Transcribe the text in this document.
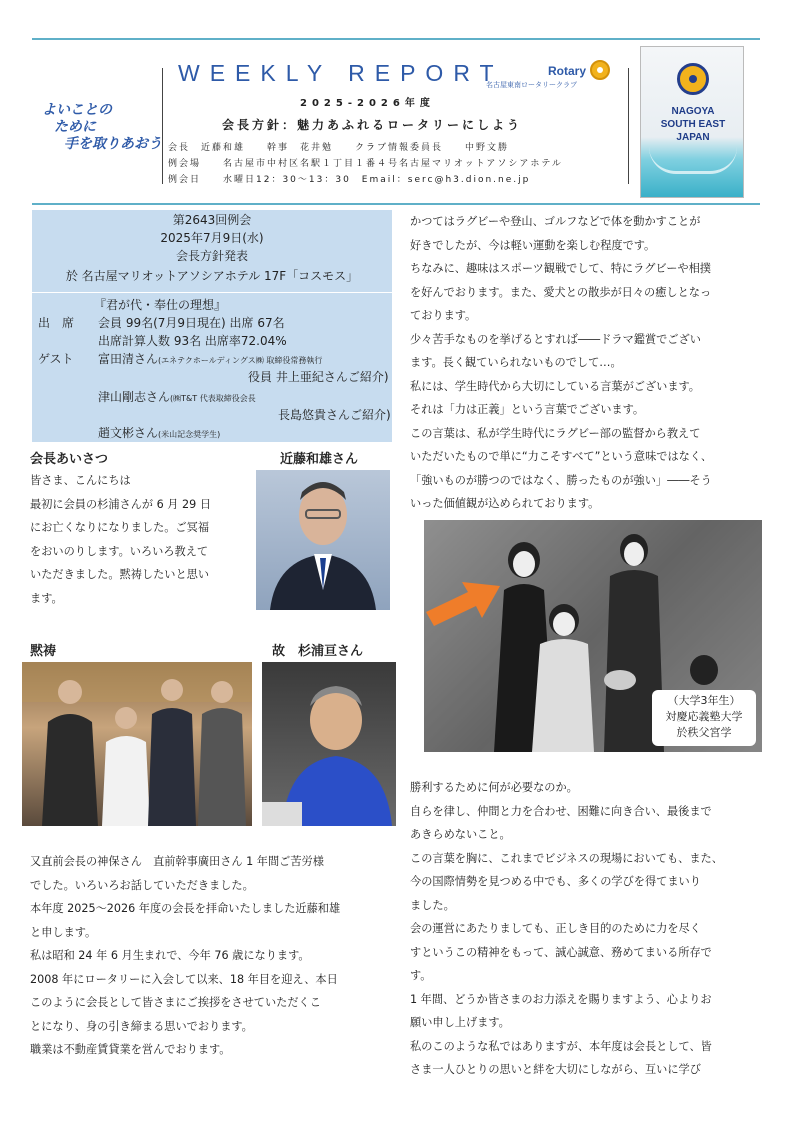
よいことの
ために
手を取りあおう
WEEKLY REPORT	Rotary
名古屋東南ロータリークラブ
2025-2026年度
会長方針：魅力あふれるロータリーにしよう
会長　近藤和雄　　幹事　花井勉　　クラブ情報委員長　　中野文勝
例会場　　名古屋市中村区名駅１丁目１番４号名古屋マリオットアソシアホテル
例会日　　水曜日12：30～13：30　Email：serc@h3.dion.ne.jp
NAGOYA
SOUTH EAST
JAPAN
第2643回例会
2025年7月9日(水)
会長方針発表
於 名古屋マリオットアソシアホテル 17F「コスモス」
『君が代・奉仕の理想』
出　席 会員 99名(7月9日現在) 出席 67名
出席計算人数 93名 出席率72.04%
ゲスト 富田清さん(エネテクホールディングス㈱ 取締役常務執行
役員 井上亜紀さんご紹介)
津山剛志さん(㈱T&T 代表取締役会長
長島悠貴さんご紹介)
趙文彬さん(米山記念奨学生)
会長あいさつ	近藤和雄さん
皆さま、こんにちは
最初に会員の杉浦さんが 6 月 29 日
にお亡くなりになりました。ご冥福
をおいのりします。いろいろ教えて
いただきました。黙祷したいと思い
ます。
黙祷	故　杉浦亘さん
又直前会長の神保さん　直前幹事廣田さん 1 年間ご苦労様
でした。いろいろお話していただきました。
本年度 2025～2026 年度の会長を拝命いたしました近藤和雄
と申します。
私は昭和 24 年 6 月生まれで、今年 76 歳になります。
2008 年にロータリーに入会して以来、18 年目を迎え、本日
このように会長として皆さまにご挨拶をさせていただくこ
とになり、身の引き締まる思いでおります。
職業は不動産賃貸業を営んでおります。
かつてはラグビーや登山、ゴルフなどで体を動かすことが
好きでしたが、今は軽い運動を楽しむ程度です。
ちなみに、趣味はスポーツ観戦でして、特にラグビーや相撲
を好んでおります。また、愛犬との散歩が日々の癒しとなっ
ております。
少々苦手なものを挙げるとすれば――ドラマ鑑賞でござい
ます。長く観ていられないものでして…。
私には、学生時代から大切にしている言葉がございます。
それは「力は正義」という言葉でございます。
この言葉は、私が学生時代にラグビー部の監督から教えて
いただいたもので単に“力こそすべて”という意味ではなく、
「強いものが勝つのではなく、勝ったものが強い」――そう
いった価値観が込められております。
（大学3年生）
対慶応義塾大学
於秩父宮学
勝利するために何が必要なのか。
自らを律し、仲間と力を合わせ、困難に向き合い、最後まで
あきらめないこと。
この言葉を胸に、これまでビジネスの現場においても、また、
今の国際情勢を見つめる中でも、多くの学びを得てまいり
ました。
会の運営にあたりましても、正しき目的のために力を尽く
すというこの精神をもって、誠心誠意、務めてまいる所存で
す。
1 年間、どうか皆さまのお力添えを賜りますよう、心よりお
願い申し上げます。
私のこのような私ではありますが、本年度は会長として、皆
さま一人ひとりの思いと絆を大切にしながら、互いに学び
